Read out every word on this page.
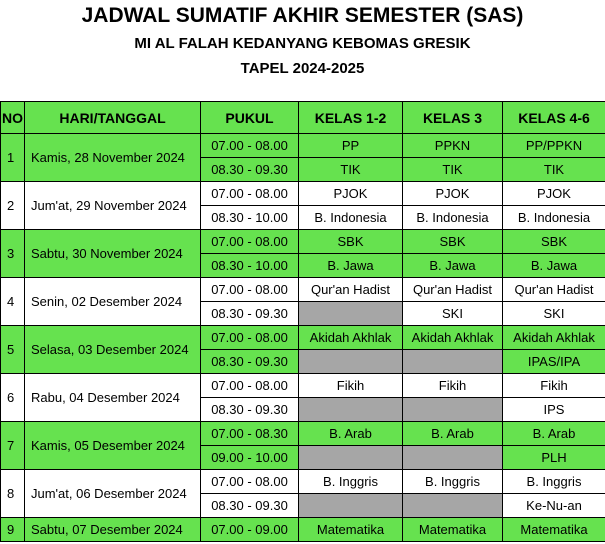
JADWAL SUMATIF AKHIR SEMESTER (SAS)
MI AL FALAH KEDANYANG KEBOMAS GRESIK
TAPEL 2024-2025
NO	HARI/TANGGAL	PUKUL	KELAS 1-2	KELAS 3	KELAS 4-6
1	Kamis, 28 November 2024	07.00 - 08.00	PP	PPKN	PP/PPKN
		08.30 - 09.30	TIK	TIK	TIK
2	Jum'at, 29 November 2024	07.00 - 08.00	PJOK	PJOK	PJOK
		08.30 - 10.00	B. Indonesia	B. Indonesia	B. Indonesia
3	Sabtu, 30 November 2024	07.00 - 08.00	SBK	SBK	SBK
		08.30 - 10.00	B. Jawa	B. Jawa	B. Jawa
4	Senin, 02 Desember 2024	07.00 - 08.00	Qur'an Hadist	Qur'an Hadist	Qur'an Hadist
		08.30 - 09.30		SKI	SKI
5	Selasa, 03 Desember 2024	07.00 - 08.00	Akidah Akhlak	Akidah Akhlak	Akidah Akhlak
		08.30 - 09.30			IPAS/IPA
6	Rabu, 04 Desember 2024	07.00 - 08.00	Fikih	Fikih	Fikih
		08.30 - 09.30			IPS
7	Kamis, 05 Desember 2024	07.00 - 08.30	B. Arab	B. Arab	B. Arab
		09.00 - 10.00			PLH
8	Jum'at, 06 Desember 2024	07.00 - 08.00	B. Inggris	B. Inggris	B. Inggris
		08.30 - 09.30			Ke-Nu-an
9	Sabtu, 07 Desember 2024	07.00 - 09.00	Matematika	Matematika	Matematika
